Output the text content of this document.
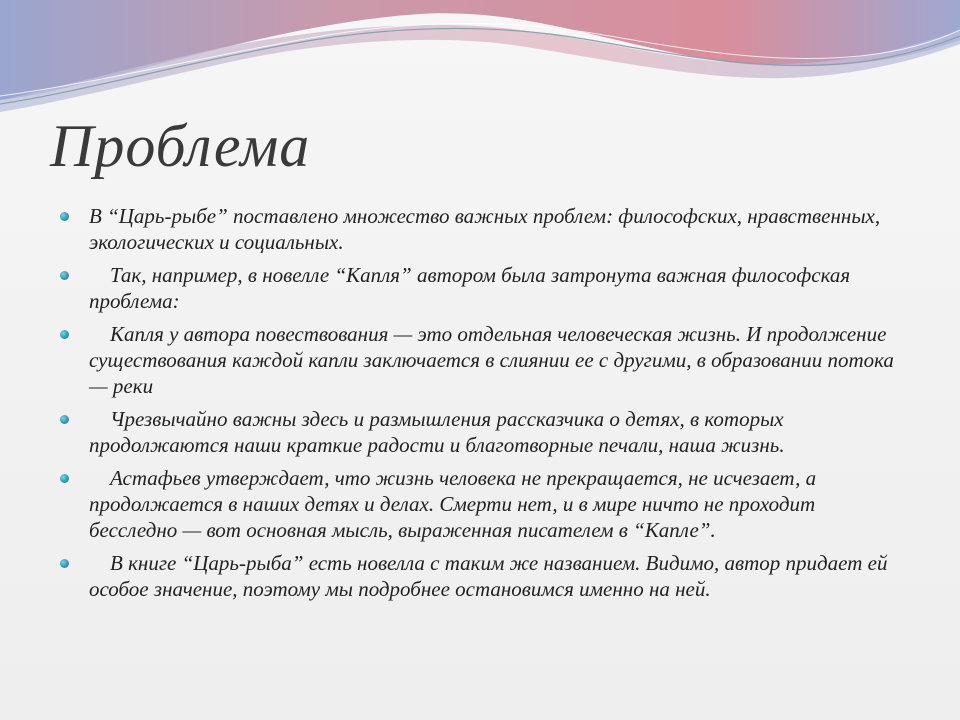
Проблема
В “Царь-рыбе” поставлено множество важных проблем: философских, нравственных, экологических и социальных.
Так, например, в новелле “Капля” автором была затронута важная философская проблема:
Капля у автора повествования — это отдельная человеческая жизнь. И продолжение существования каждой капли заключается в слиянии ее с другими, в образовании потока — реки
Чрезвычайно важны здесь и размышления рассказчика о детях, в которых продолжаются наши краткие радости и благотворные печали, наша жизнь.
Астафьев утверждает, что жизнь человека не прекращается, не исчезает, а продолжается в наших детях и делах. Смерти нет, и в мире ничто не проходит бесследно — вот основная мысль, выраженная писателем в “Капле”.
В книге “Царь-рыба” есть новелла с таким же названием. Видимо, автор придает ей особое значение, поэтому мы подробнее остановимся именно на ней.
